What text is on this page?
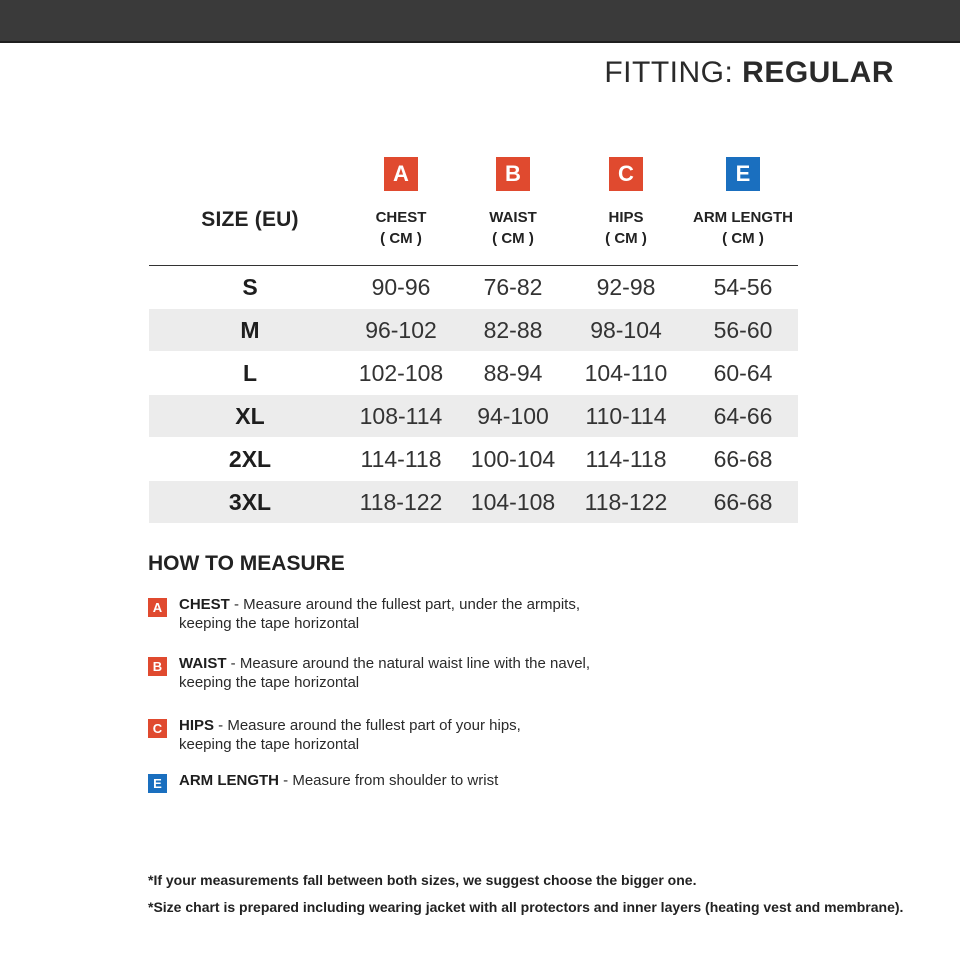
FITTING: REGULAR
SIZE (EU)
A
CHEST
( CM )
B
WAIST
( CM )
C
HIPS
( CM )
E
ARM LENGTH
( CM )
S	90-96	76-82	92-98	54-56
M	96-102	82-88	98-104	56-60
L	102-108	88-94	104-110	60-64
XL	108-114	94-100	110-114	64-66
2XL	114-118	100-104	114-118	66-68
3XL	118-122	104-108	118-122	66-68
HOW TO MEASURE
A	CHEST - Measure around the fullest part, under the armpits,
keeping the tape horizontal
B	WAIST - Measure around the natural waist line with the navel,
keeping the tape horizontal
C	HIPS - Measure around the fullest part of your hips,
keeping the tape horizontal
E	ARM LENGTH - Measure from shoulder to wrist
*If your measurements fall between both sizes, we suggest choose the bigger one.
*Size chart is prepared including wearing jacket with all protectors and inner layers (heating vest and membrane).
